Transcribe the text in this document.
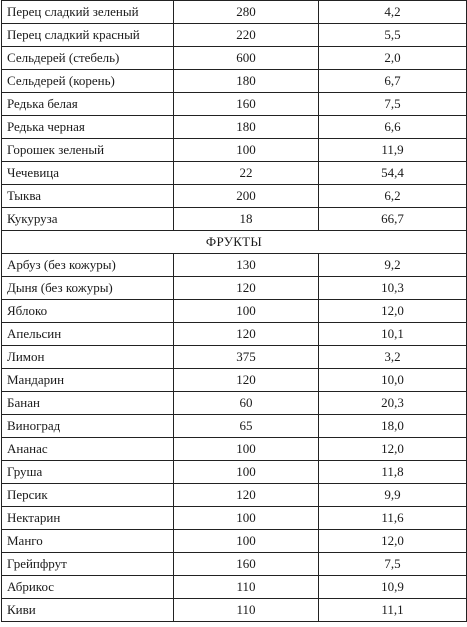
Перец сладкий зеленый	280	4,2
Перец сладкий красный	220	5,5
Сельдерей (стебель)	600	2,0
Сельдерей (корень)	180	6,7
Редька белая	160	7,5
Редька черная	180	6,6
Горошек зеленый	100	11,9
Чечевица	22	54,4
Тыква	200	6,2
Кукуруза	18	66,7
ФРУКТЫ		
Арбуз (без кожуры)	130	9,2
Дыня (без кожуры)	120	10,3
Яблоко	100	12,0
Апельсин	120	10,1
Лимон	375	3,2
Мандарин	120	10,0
Банан	60	20,3
Виноград	65	18,0
Ананас	100	12,0
Груша	100	11,8
Персик	120	9,9
Нектарин	100	11,6
Манго	100	12,0
Грейпфрут	160	7,5
Абрикос	110	10,9
Киви	110	11,1
